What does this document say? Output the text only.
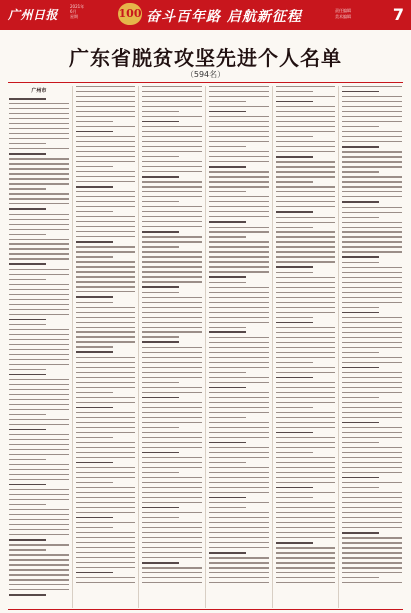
广州日报
2021年
6月
星期	100 奋斗百年路 启航新征程	责任编辑
美术编辑	7
广东省脱贫攻坚先进个人名单
（594名）
广州市
